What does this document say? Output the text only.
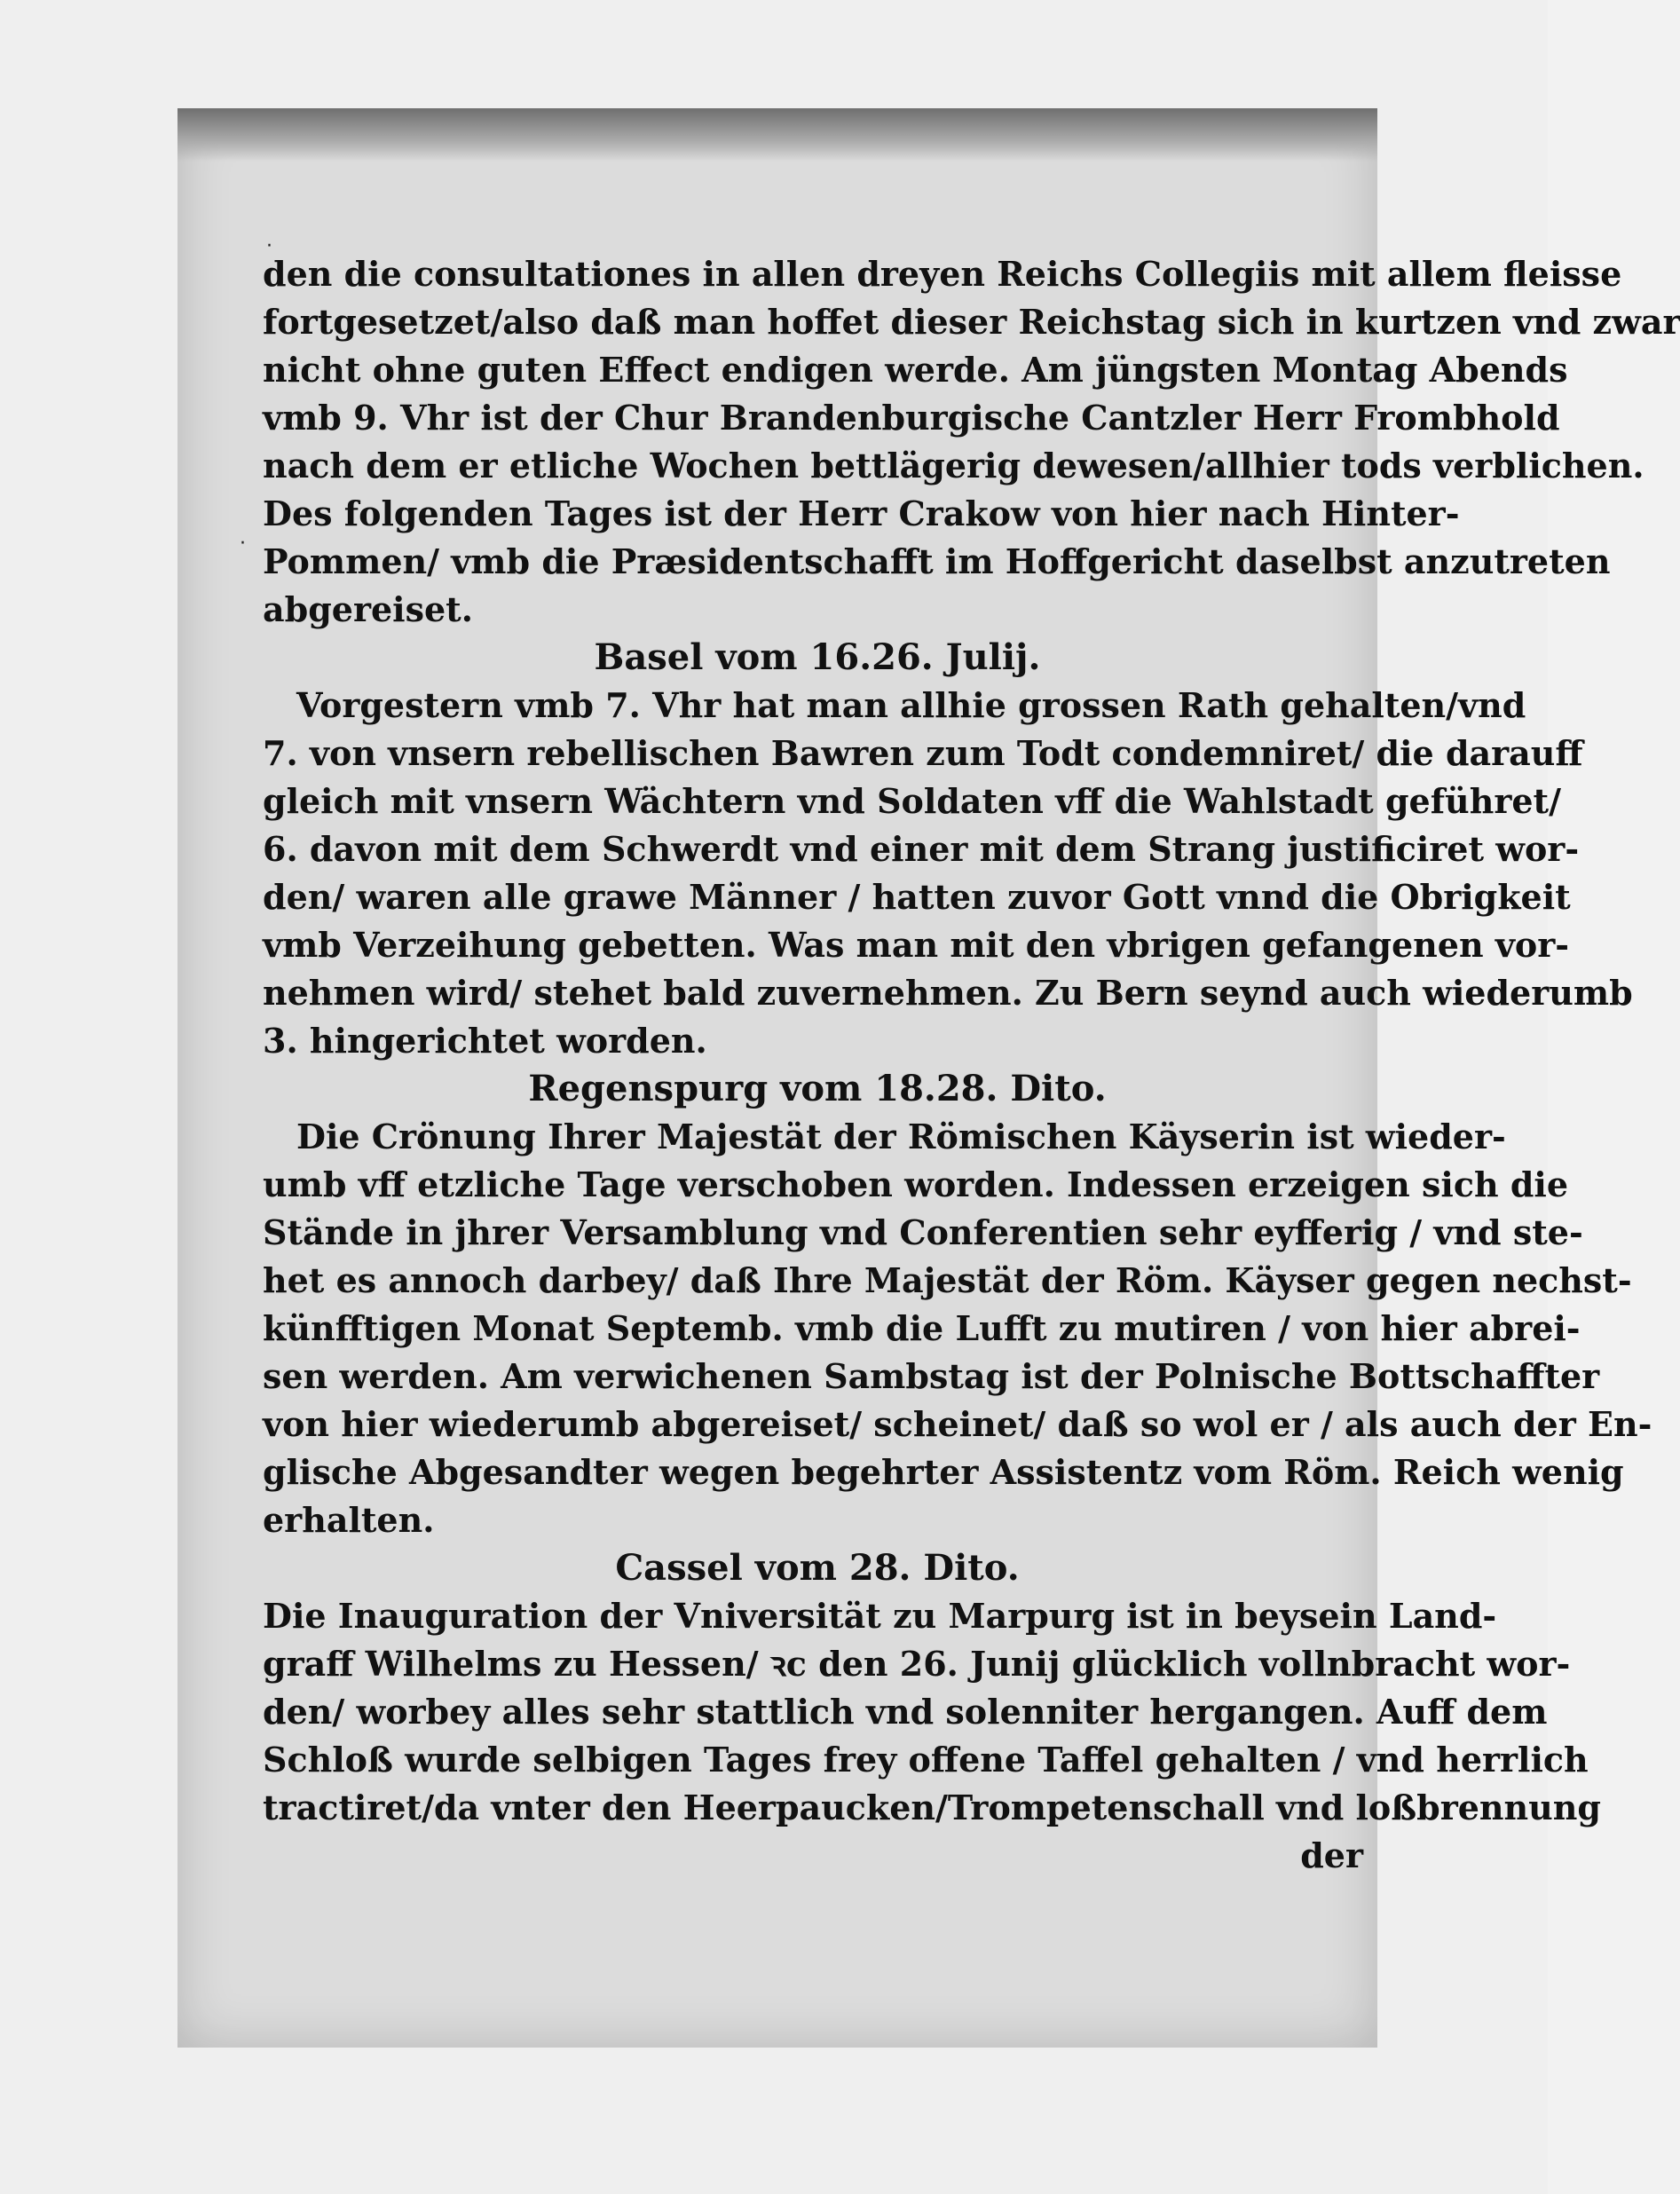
·
·
den die consultationes in allen dreyen Reichs Collegiis mit allem fleisse
fortgesetzet/also daß man hoffet dieser Reichstag sich in kurtzen vnd zwar
nicht ohne guten Effect endigen werde. Am jüngsten Montag Abends
vmb 9. Vhr ist der Chur Brandenburgische Cantzler Herr Frombhold
nach dem er etliche Wochen bettlägerig dewesen/allhier tods verblichen.
Des folgenden Tages ist der Herr Crakow von hier nach Hinter-
Pommen/ vmb die Præsidentschafft im Hoffgericht daselbst anzutreten
abgereiset.
Basel vom 16.26. Julij.
Vorgestern vmb 7. Vhr hat man allhie grossen Rath gehalten/vnd
7. von vnsern rebellischen Bawren zum Todt condemniret/ die darauff
gleich mit vnsern Wächtern vnd Soldaten vff die Wahlstadt geführet/
6. davon mit dem Schwerdt vnd einer mit dem Strang justificiret wor-
den/ waren alle grawe Männer / hatten zuvor Gott vnnd die Obrigkeit
vmb Verzeihung gebetten. Was man mit den vbrigen gefangenen vor-
nehmen wird/ stehet bald zuvernehmen. Zu Bern seynd auch wiederumb
3. hingerichtet worden.
Regenspurg vom 18.28. Dito.
Die Crönung Ihrer Majestät der Römischen Käyserin ist wieder-
umb vff etzliche Tage verschoben worden. Indessen erzeigen sich die
Stände in jhrer Versamblung vnd Conferentien sehr eyfferig / vnd ste-
het es annoch darbey/ daß Ihre Majestät der Röm. Käyser gegen nechst-
künfftigen Monat Septemb. vmb die Lufft zu mutiren / von hier abrei-
sen werden. Am verwichenen Sambstag ist der Polnische Bottschaffter
von hier wiederumb abgereiset/ scheinet/ daß so wol er / als auch der En-
glische Abgesandter wegen begehrter Assistentz vom Röm. Reich wenig
erhalten.
Cassel vom 28. Dito.
Die Inauguration der Vniversität zu Marpurg ist in beysein Land-
graff Wilhelms zu Hessen/ ꝛc den 26. Junij glücklich vollnbracht wor-
den/ worbey alles sehr stattlich vnd solenniter hergangen. Auff dem
Schloß wurde selbigen Tages frey offene Taffel gehalten / vnd herrlich
tractiret/da vnter den Heerpaucken/Trompetenschall vnd loßbrennung
der
